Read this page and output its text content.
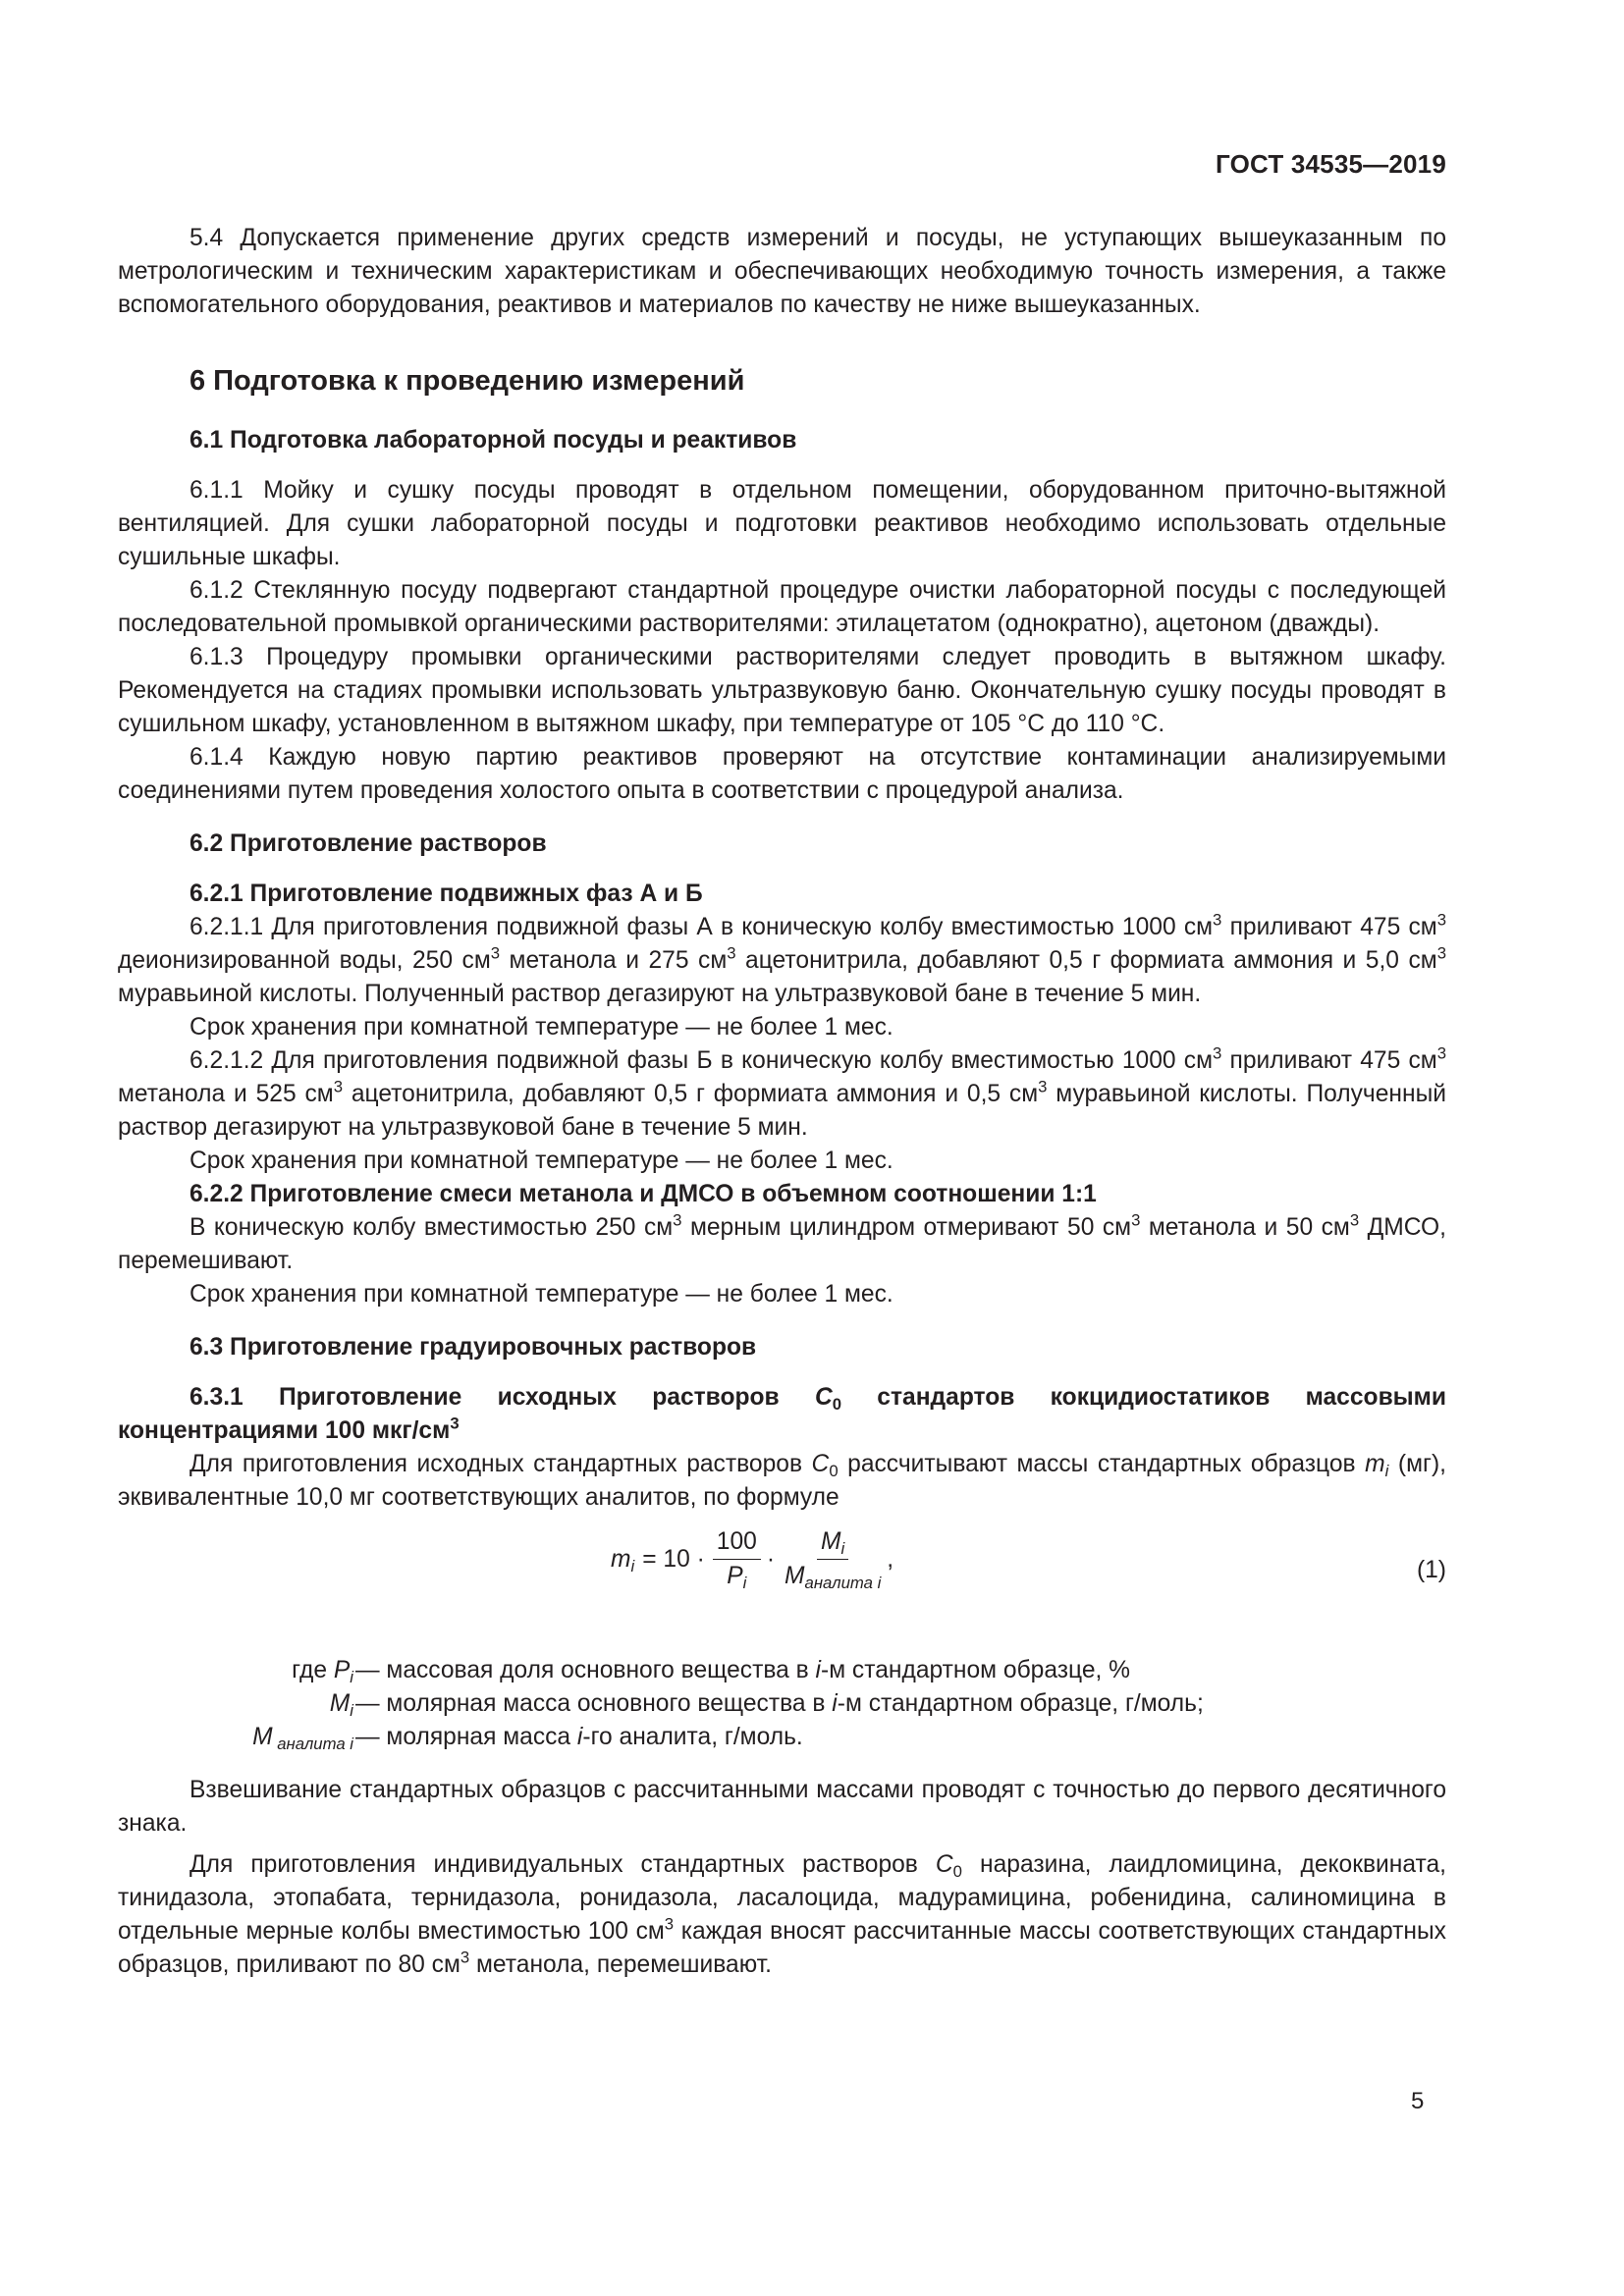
ГОСТ 34535—2019

5.4 Допускается применение других средств измерений и посуды, не уступающих вышеуказанным по метрологическим и техническим характеристикам и обеспечивающих необходимую точность измерения, а также вспомогательного оборудования, реактивов и материалов по качеству не ниже вышеуказанных.

6 Подготовка к проведению измерений

6.1 Подготовка лабораторной посуды и реактивов

6.1.1 Мойку и сушку посуды проводят в отдельном помещении, оборудованном приточно-вытяжной вентиляцией. Для сушки лабораторной посуды и подготовки реактивов необходимо использовать отдельные сушильные шкафы.

6.1.2 Стеклянную посуду подвергают стандартной процедуре очистки лабораторной посуды с последующей последовательной промывкой органическими растворителями: этилацетатом (однократно), ацетоном (дважды).

6.1.3 Процедуру промывки органическими растворителями следует проводить в вытяжном шкафу. Рекомендуется на стадиях промывки использовать ультразвуковую баню. Окончательную сушку посуды проводят в сушильном шкафу, установленном в вытяжном шкафу, при температуре от 105 °С до 110 °С.

6.1.4 Каждую новую партию реактивов проверяют на отсутствие контаминации анализируемыми соединениями путем проведения холостого опыта в соответствии с процедурой анализа.

6.2 Приготовление растворов

6.2.1 Приготовление подвижных фаз А и Б

6.2.1.1 Для приготовления подвижной фазы А в коническую колбу вместимостью 1000 $см^3$ приливают 475 $см^3$ деионизированной воды, 250 $см^3$ метанола и 275 $см^3$ ацетонитрила, добавляют 0,5 г формиата аммония и 5,0 $см^3$ муравьиной кислоты. Полученный раствор дегазируют на ультразвуковой бане в течение 5 мин.

Срок хранения при комнатной температуре — не более 1 мес.

6.2.1.2 Для приготовления подвижной фазы Б в коническую колбу вместимостью 1000 $см^3$ приливают 475 $см^3$ метанола и 525 $см^3$ ацетонитрила, добавляют 0,5 г формиата аммония и 0,5 $см^3$ муравьиной кислоты. Полученный раствор дегазируют на ультразвуковой бане в течение 5 мин.

Срок хранения при комнатной температуре — не более 1 мес.

6.2.2 Приготовление смеси метанола и ДМСО в объемном соотношении 1:1

В коническую колбу вместимостью 250 $см^3$ мерным цилиндром отмеривают 50 $см^3$ метанола и 50 $см^3$ ДМСО, перемешивают.

Срок хранения при комнатной температуре — не более 1 мес.

6.3 Приготовление градуировочных растворов

6.3.1 Приготовление исходных растворов $C_0$ стандартов кокцидиостатиков массовыми концентрациями 100 мкг/$см^3$

Для приготовления исходных стандартных растворов $C_0$ рассчитывают массы стандартных образцов $m_i$ (мг), эквивалентные 10,0 мг соответствующих аналитов, по формуле

$m_i = 10 \cdot \frac{100}{P_i} \cdot \frac{M_i}{M_{аналита i}}$ ,	(1)
где $P_i$ — массовая доля основного вещества в i-м стандартном образце, %
$M_i$ — молярная масса основного вещества в i-м стандартном образце, г/моль;
M $_{аналита i}$ — молярная масса i-го аналита, г/моль.

Взвешивание стандартных образцов с рассчитанными массами проводят с точностью до первого десятичного знака.

Для приготовления индивидуальных стандартных растворов $C_0$ наразина, лаидломицина, декоквината, тинидазола, этопабата, тернидазола, ронидазола, ласалоцида, мадурамицина, робенидина, салиномицина в отдельные мерные колбы вместимостью 100 $см^3$ каждая вносят рассчитанные массы соответствующих стандартных образцов, приливают по 80 $см^3$ метанола, перемешивают.

5
